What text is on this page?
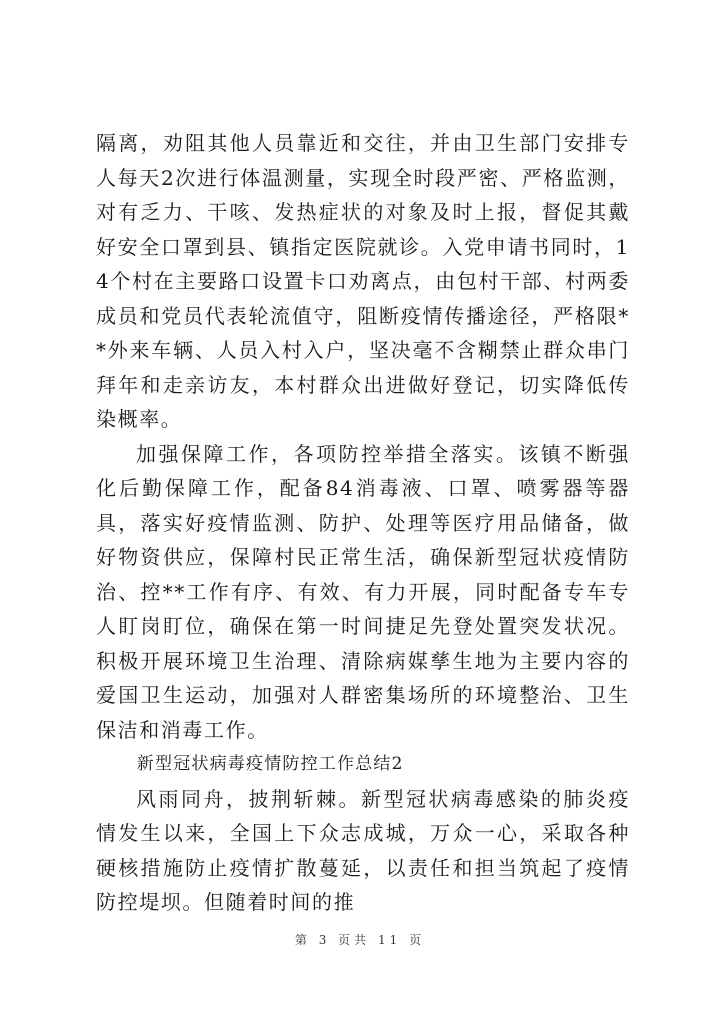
隔离，劝阻其他人员靠近和交往，并由卫生部门安排专人每天2次进行体温测量，实现全时段严密、严格监测，对有乏力、干咳、发热症状的对象及时上报，督促其戴好安全口罩到县、镇指定医院就诊。入党申请书同时，14个村在主要路口设置卡口劝离点，由包村干部、村两委成员和党员代表轮流值守，阻断疫情传播途径，严格限**外来车辆、人员入村入户，坚决毫不含糊禁止群众串门拜年和走亲访友，本村群众出进做好登记，切实降低传染概率。

加强保障工作，各项防控举措全落实。该镇不断强化后勤保障工作，配备84消毒液、口罩、喷雾器等器具，落实好疫情监测、防护、处理等医疗用品储备，做好物资供应，保障村民正常生活，确保新型冠状疫情防治、控**工作有序、有效、有力开展，同时配备专车专人盯岗盯位，确保在第一时间捷足先登处置突发状况。积极开展环境卫生治理、清除病媒孳生地为主要内容的爱国卫生运动，加强对人群密集场所的环境整治、卫生保洁和消毒工作。

新型冠状病毒疫情防控工作总结2

风雨同舟，披荆斩棘。新型冠状病毒感染的肺炎疫情发生以来，全国上下众志成城，万众一心，采取各种硬核措施防止疫情扩散蔓延，以责任和担当筑起了疫情防控堤坝。但随着时间的推

第 3 页共 11 页
